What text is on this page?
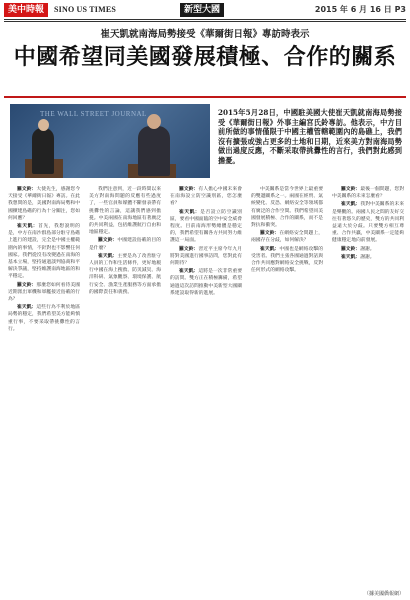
美中時報	SINO US TIMES	新型大國	2015 年 6 月 16 日 P3
崔天凱就南海局勢接受《華爾街日報》專訪時表示
中國希望同美國發展積極、合作的關系
THE WALL STREET JOURNAL	2015年5月28日，中國駐美國大使崔天凱就南海局勢接受《華爾街日報》外事主編宮氏鈴專訪。他表示，中方目前所做的事情僅限于中國主權管轄範圍內的島礁上，我們沒有擴張或強占更多的土地和日期，近來美方對南海局勢做出過度反應，不斷采取帶挑釁性的言行，我們對此感到擔憂。

羅文鈴：大使先生，感謝您今天接受《華爾街日報》專訪。在此我想問的是，美國對南海局勢和中國擴建島礁的行為十分關注，您如何回應？

崔天凱：首先，我想說明的是，中方在南沙群島部分駐守島礁上進行的建設，完全是中國主權範圍內的事情，不針對也不影響任何國家。我們從沒有改變過在南海的基本立場，堅持通過談判協商和平解決爭議，堅持維護南海地區的和平穩定。

羅文鈴：那麼您如何看待美國近期派出軍機和軍艦接近島礁的行為？

崔天凱：這些行為不利於地區局勢的穩定，我們希望美方能夠慎重行事，不要采取帶挑釁性的言行。

我們注意到，近一段時間以來美方對南海問題的反應有些過度了，一些官員和媒體不斷發表帶有挑釁性的言論，這讓我們感到擔憂。中美兩國在南海地區有著廣泛的共同利益，包括維護航行自由和地區穩定。

羅文鈴：中國建設島礁的目的是什麼？

崔天凱：主要是為了改善駐守人員的工作和生活條件，更好地履行中國在海上搜救、防災減災、海洋科研、氣象觀察、環境保護、航行安全、漁業生產服務等方面承擔的國際責任和義務。

羅文鈴：有人擔心中國未來會在南海設立防空識別區，您怎麼看？

崔天凱：是否設立防空識別區，要看中國面臨的空中安全威脅程度。目前南海形勢總體是穩定的，我們希望有關各方共同努力維護這一局面。

羅文鈴：習近平主席今年九月將對美國進行國事訪問，您對此有何期待？

崔天凱：這將是一次非常重要的訪問。雙方正在積極籌備，希望通過這次訪問推動中美新型大國關系建設取得新的進展。

中美關系是當今世界上最重要的雙邊關系之一。兩國在經貿、氣候變化、反恐、網絡安全等領域都有廣泛的合作空間。我們希望同美國發展積極、合作的關系，而不是對抗和衝突。

羅文鈴：在網絡安全問題上，兩國存在分歧，如何解決？

崔天凱：中國也是網絡攻擊的受害者。我們主張各國通過對話與合作共同應對網絡安全挑戰，反對任何形式的網絡攻擊。

羅文鈴：最後一個問題，您對中美關系的未來怎麼看？

崔天凱：我對中美關系的未來是樂觀的。兩國人民之間的友好交往有著悠久的歷史，雙方的共同利益遠大於分歧。只要雙方相互尊重、合作共贏，中美關系一定能夠健康穩定地向前發展。

羅文鈴：謝謝。

崔天凱：謝謝。

（據美國僑報網）
